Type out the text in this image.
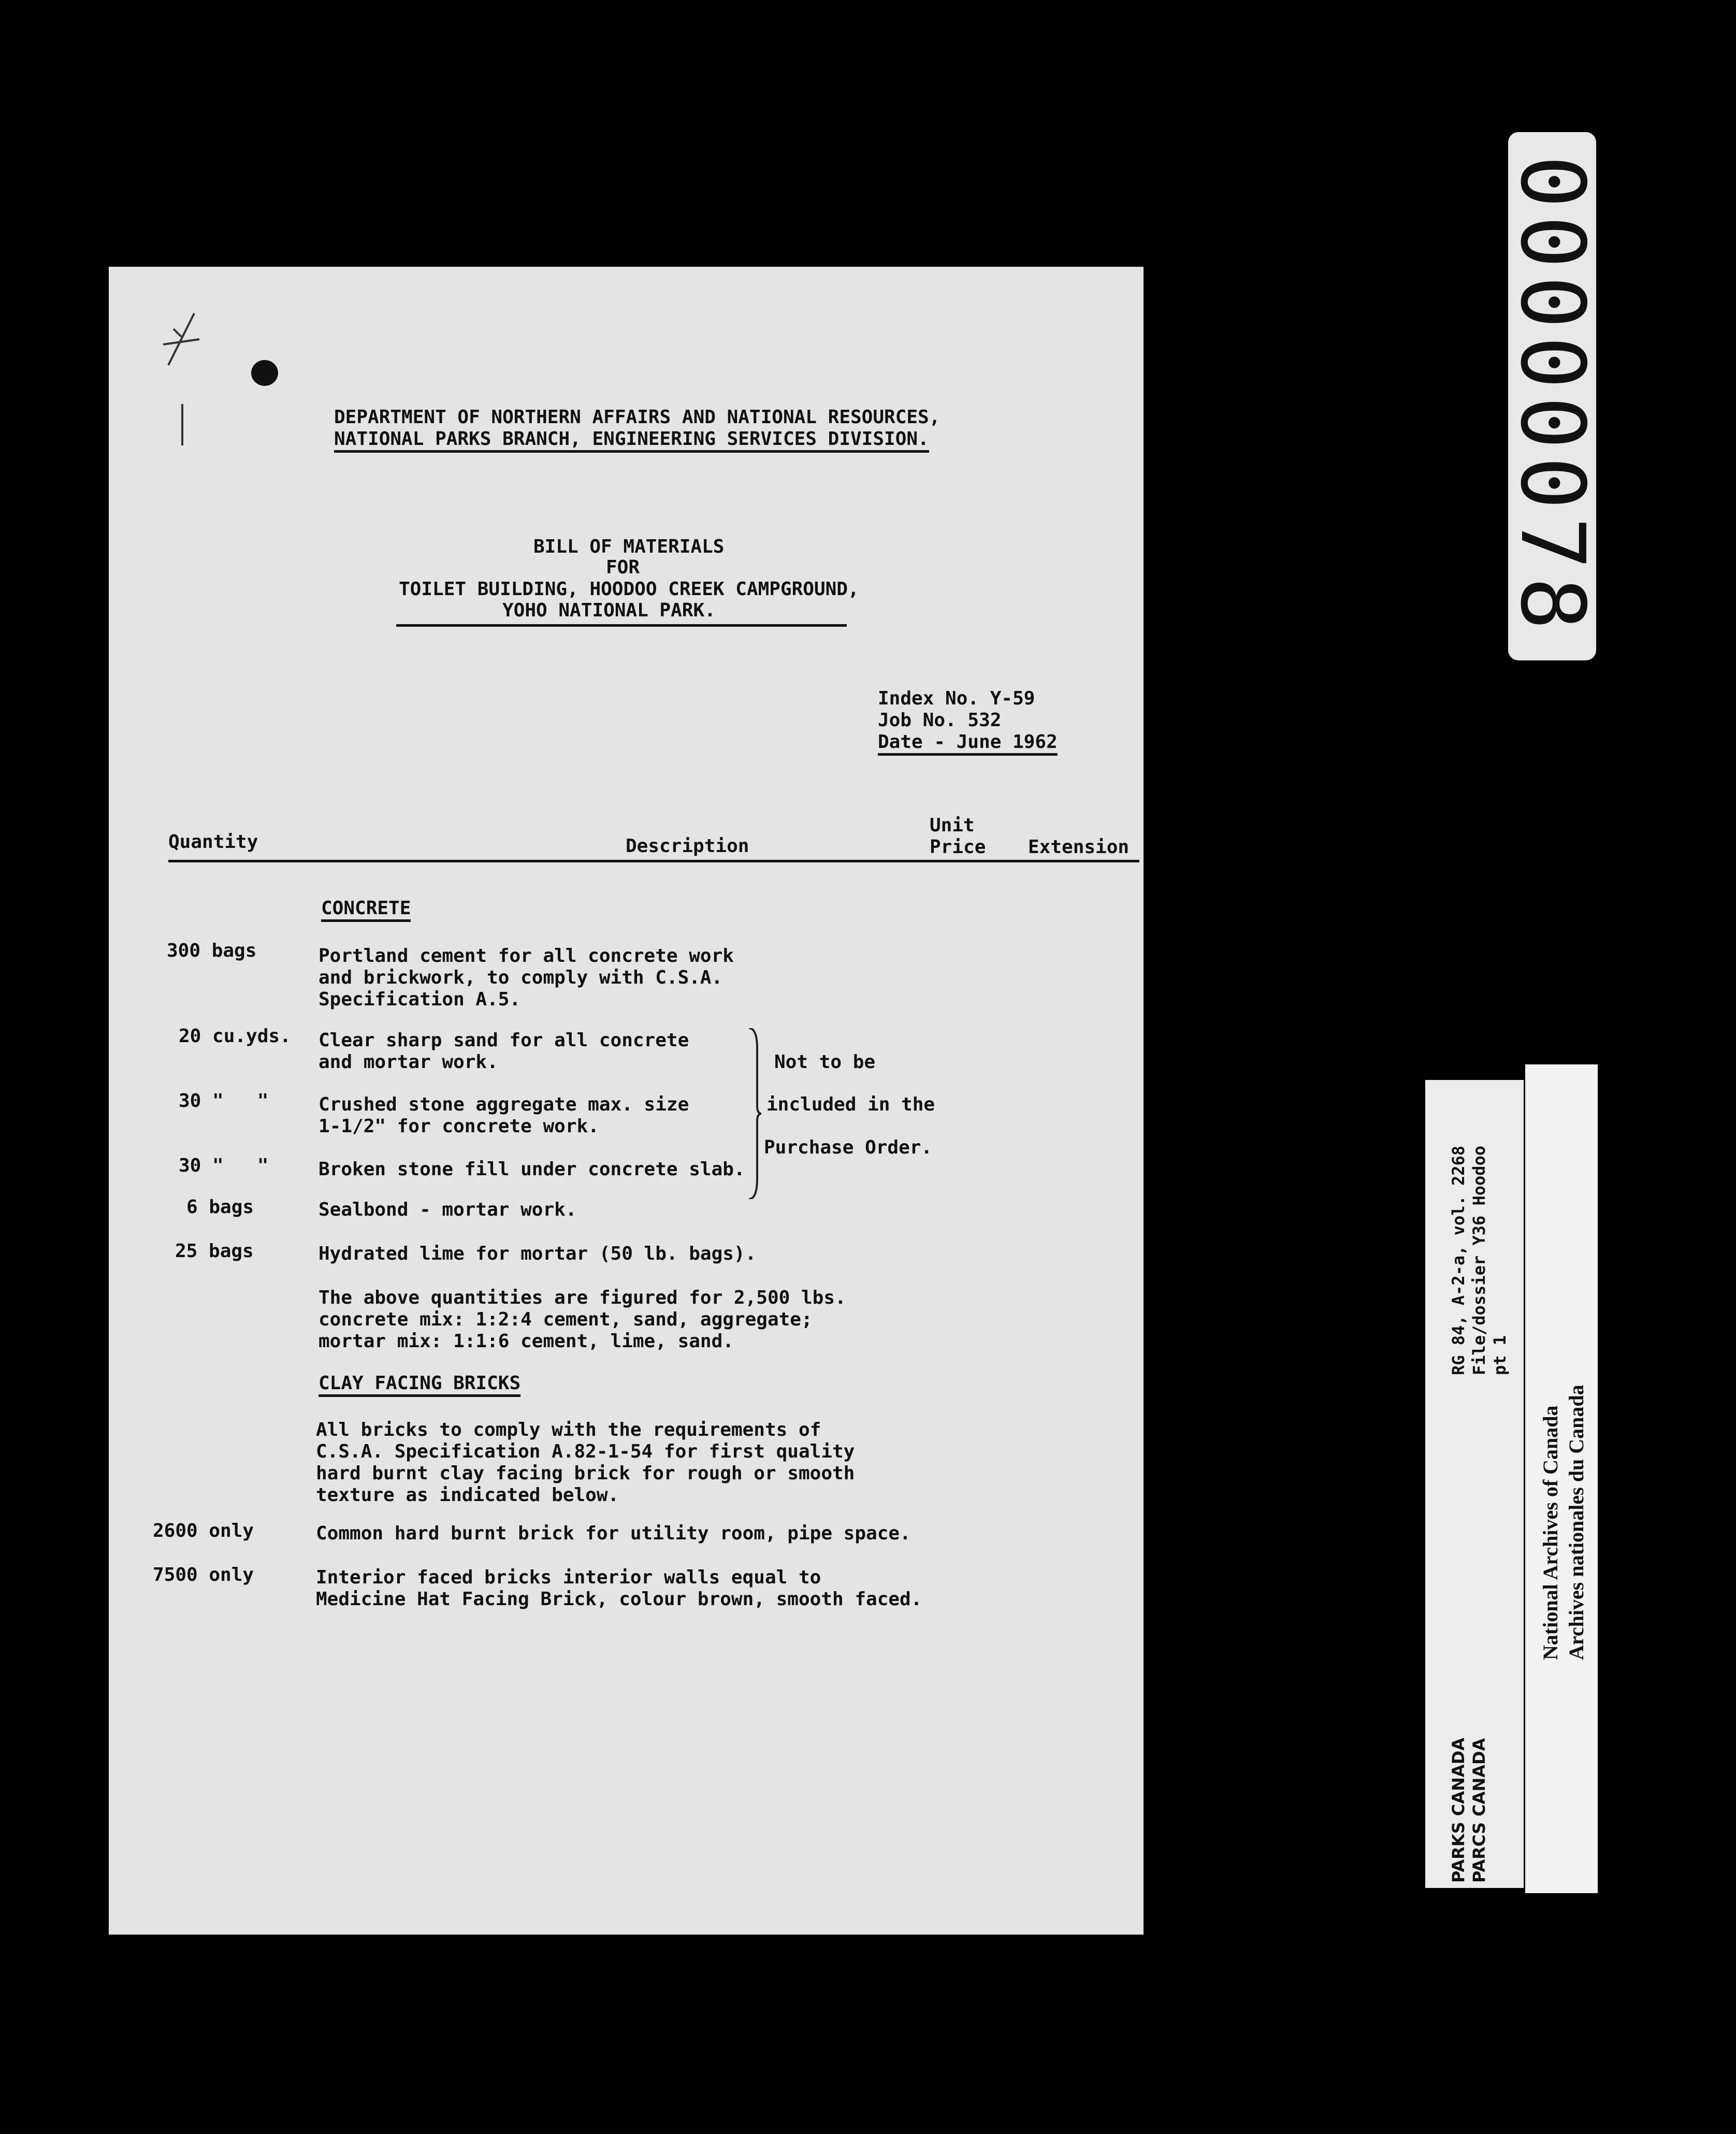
DEPARTMENT OF NORTHERN AFFAIRS AND NATIONAL RESOURCES,
NATIONAL PARKS BRANCH, ENGINEERING SERVICES DIVISION.
BILL OF MATERIALS
FOR
TOILET BUILDING, HOODOO CREEK CAMPGROUND,
YOHO NATIONAL PARK.
Index No. Y-59
Job No. 532
Date - June 1962
Quantity	Description
Unit
Price Extension
CONCRETE
300 bags	Portland cement for all concrete work
and brickwork, to comply with C.S.A.
Specification A.5.
20 cu.yds. Clear sharp sand for all concrete
and mortar work.
30 "   "	Crushed stone aggregate max. size
1-1/2" for concrete work.
30 "   "	Broken stone fill under concrete slab.
6 bags	Sealbond - mortar work.
25 bags	Hydrated lime for mortar (50 lb. bags).
Not to be
included in the
Purchase Order.
The above quantities are figured for 2,500 lbs.
concrete mix: 1:2:4 cement, sand, aggregate;
mortar mix: 1:1:6 cement, lime, sand.
CLAY FACING BRICKS
All bricks to comply with the requirements of
C.S.A. Specification A.82-1-54 for first quality
hard burnt clay facing brick for rough or smooth
texture as indicated below.
2600 only	Common hard burnt brick for utility room, pipe space.
7500 only	Interior faced bricks interior walls equal to
Medicine Hat Facing Brick, colour brown, smooth faced.
00000078
RG 84, A-2-a, vol. 2268 File/dossier Y36 Hoodoo pt 1
PARKS CANADA PARCS CANADA
National Archives of Canada Archives nationales du Canada
